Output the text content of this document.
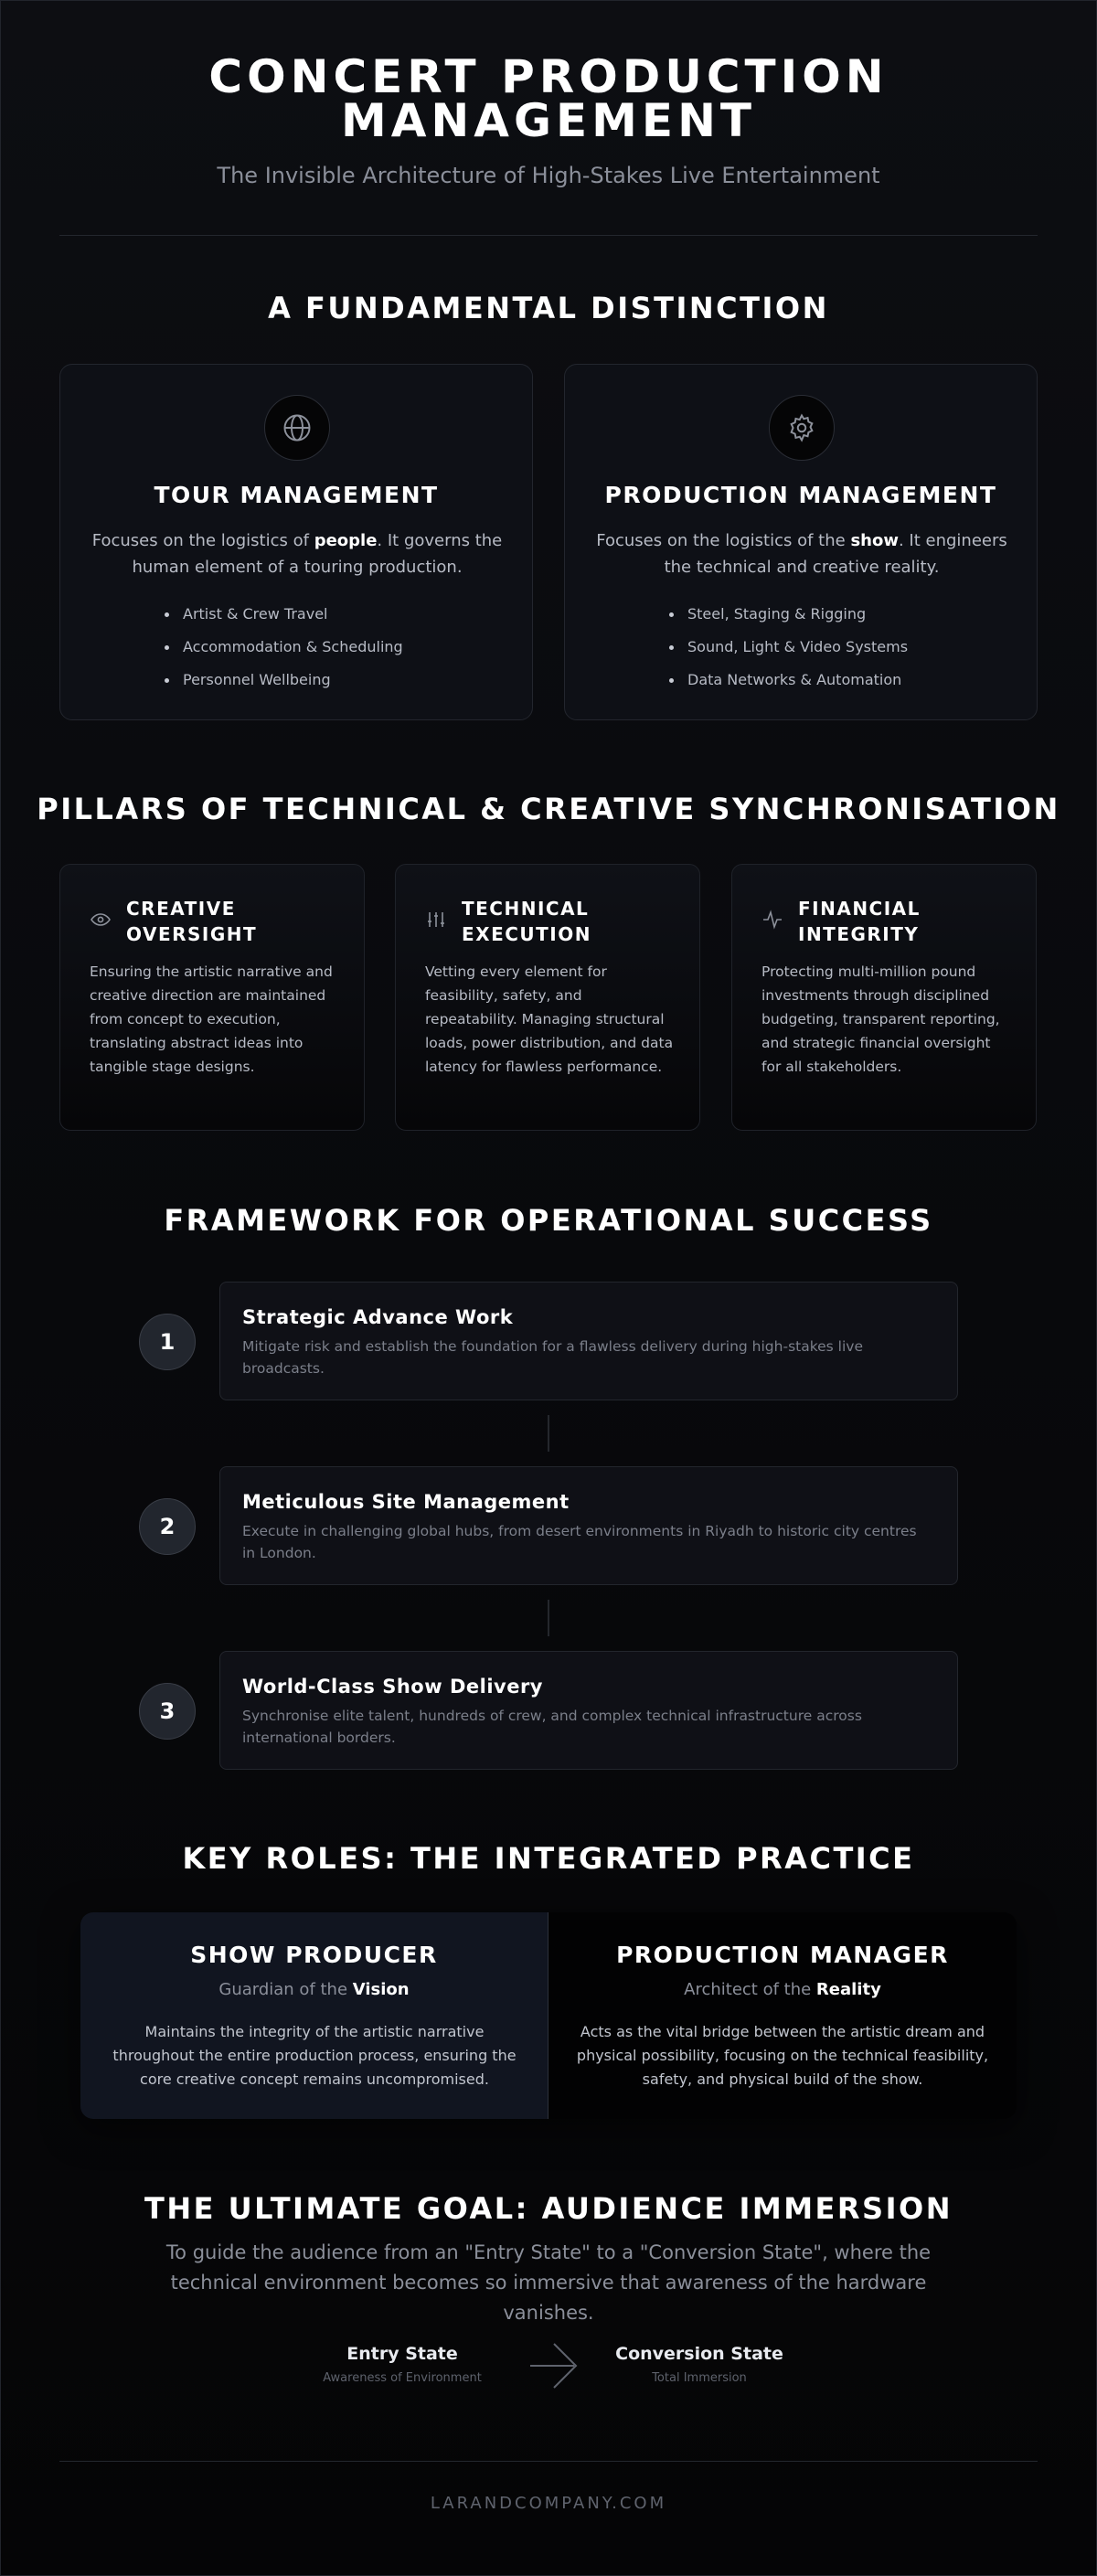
CONCERT PRODUCTION
MANAGEMENT
The Invisible Architecture of High-Stakes Live Entertainment
A FUNDAMENTAL DISTINCTION
TOUR MANAGEMENT
Focuses on the logistics of people. It governs the human element of a touring production.
Artist & Crew Travel
Accommodation & Scheduling
Personnel Wellbeing
PRODUCTION MANAGEMENT
Focuses on the logistics of the show. It engineers the technical and creative reality.
Steel, Staging & Rigging
Sound, Light & Video Systems
Data Networks & Automation
PILLARS OF TECHNICAL & CREATIVE SYNCHRONISATION
CREATIVE
OVERSIGHT
Ensuring the artistic narrative and creative direction are maintained from concept to execution, translating abstract ideas into tangible stage designs.
TECHNICAL
EXECUTION
Vetting every element for feasibility, safety, and repeatability. Managing structural loads, power distribution, and data latency for flawless performance.
FINANCIAL
INTEGRITY
Protecting multi-million pound investments through disciplined budgeting, transparent reporting, and strategic financial oversight for all stakeholders.
FRAMEWORK FOR OPERATIONAL SUCCESS
1
Strategic Advance Work
Mitigate risk and establish the foundation for a flawless delivery during high-stakes live broadcasts.
2
Meticulous Site Management
Execute in challenging global hubs, from desert environments in Riyadh to historic city centres in London.
3
World-Class Show Delivery
Synchronise elite talent, hundreds of crew, and complex technical infrastructure across international borders.
KEY ROLES: THE INTEGRATED PRACTICE
SHOW PRODUCER
Guardian of the Vision
Maintains the integrity of the artistic narrative throughout the entire production process, ensuring the core creative concept remains uncompromised.
PRODUCTION MANAGER
Architect of the Reality
Acts as the vital bridge between the artistic dream and physical possibility, focusing on the technical feasibility, safety, and physical build of the show.
THE ULTIMATE GOAL: AUDIENCE IMMERSION
To guide the audience from an "Entry State" to a "Conversion State", where the technical environment becomes so immersive that awareness of the hardware vanishes.
Entry State
Awareness of Environment
Conversion State
Total Immersion
LARANDCOMPANY.COM
